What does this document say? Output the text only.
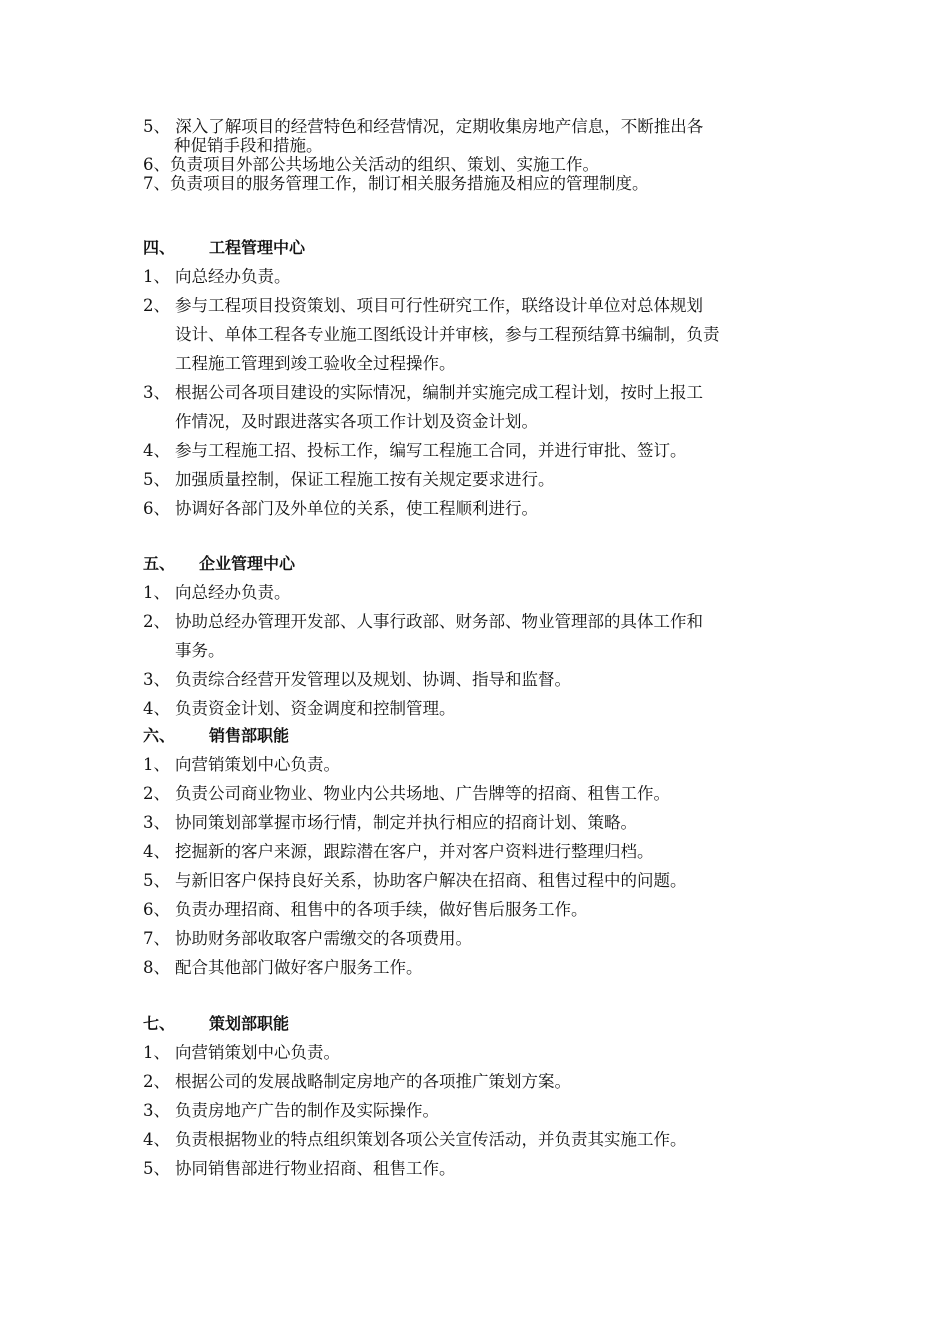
5、 深入了解项目的经营特色和经营情况，定期收集房地产信息，不断推出各
种促销手段和措施。
6、负责项目外部公共场地公关活动的组织、策划、实施工作。
7、负责项目的服务管理工作，制订相关服务措施及相应的管理制度。
四、 工程管理中心
1、 向总经办负责。
2、 参与工程项目投资策划、项目可行性研究工作，联络设计单位对总体规划
设计、单体工程各专业施工图纸设计并审核，参与工程预结算书编制，负责
工程施工管理到竣工验收全过程操作。
3、 根据公司各项目建设的实际情况，编制并实施完成工程计划，按时上报工
作情况，及时跟进落实各项工作计划及资金计划。
4、 参与工程施工招、投标工作，编写工程施工合同，并进行审批、签订。
5、 加强质量控制，保证工程施工按有关规定要求进行。
6、 协调好各部门及外单位的关系，使工程顺利进行。
五、 企业管理中心
1、 向总经办负责。
2、 协助总经办管理开发部、人事行政部、财务部、物业管理部的具体工作和
事务。
3、 负责综合经营开发管理以及规划、协调、指导和监督。
4、 负责资金计划、资金调度和控制管理。
六、 销售部职能
1、 向营销策划中心负责。
2、 负责公司商业物业、物业内公共场地、广告牌等的招商、租售工作。
3、 协同策划部掌握市场行情，制定并执行相应的招商计划、策略。
4、 挖掘新的客户来源，跟踪潜在客户，并对客户资料进行整理归档。
5、 与新旧客户保持良好关系，协助客户解决在招商、租售过程中的问题。
6、 负责办理招商、租售中的各项手续，做好售后服务工作。
7、 协助财务部收取客户需缴交的各项费用。
8、 配合其他部门做好客户服务工作。
七、 策划部职能
1、 向营销策划中心负责。
2、 根据公司的发展战略制定房地产的各项推广策划方案。
3、 负责房地产广告的制作及实际操作。
4、 负责根据物业的特点组织策划各项公关宣传活动，并负责其实施工作。
5、 协同销售部进行物业招商、租售工作。
